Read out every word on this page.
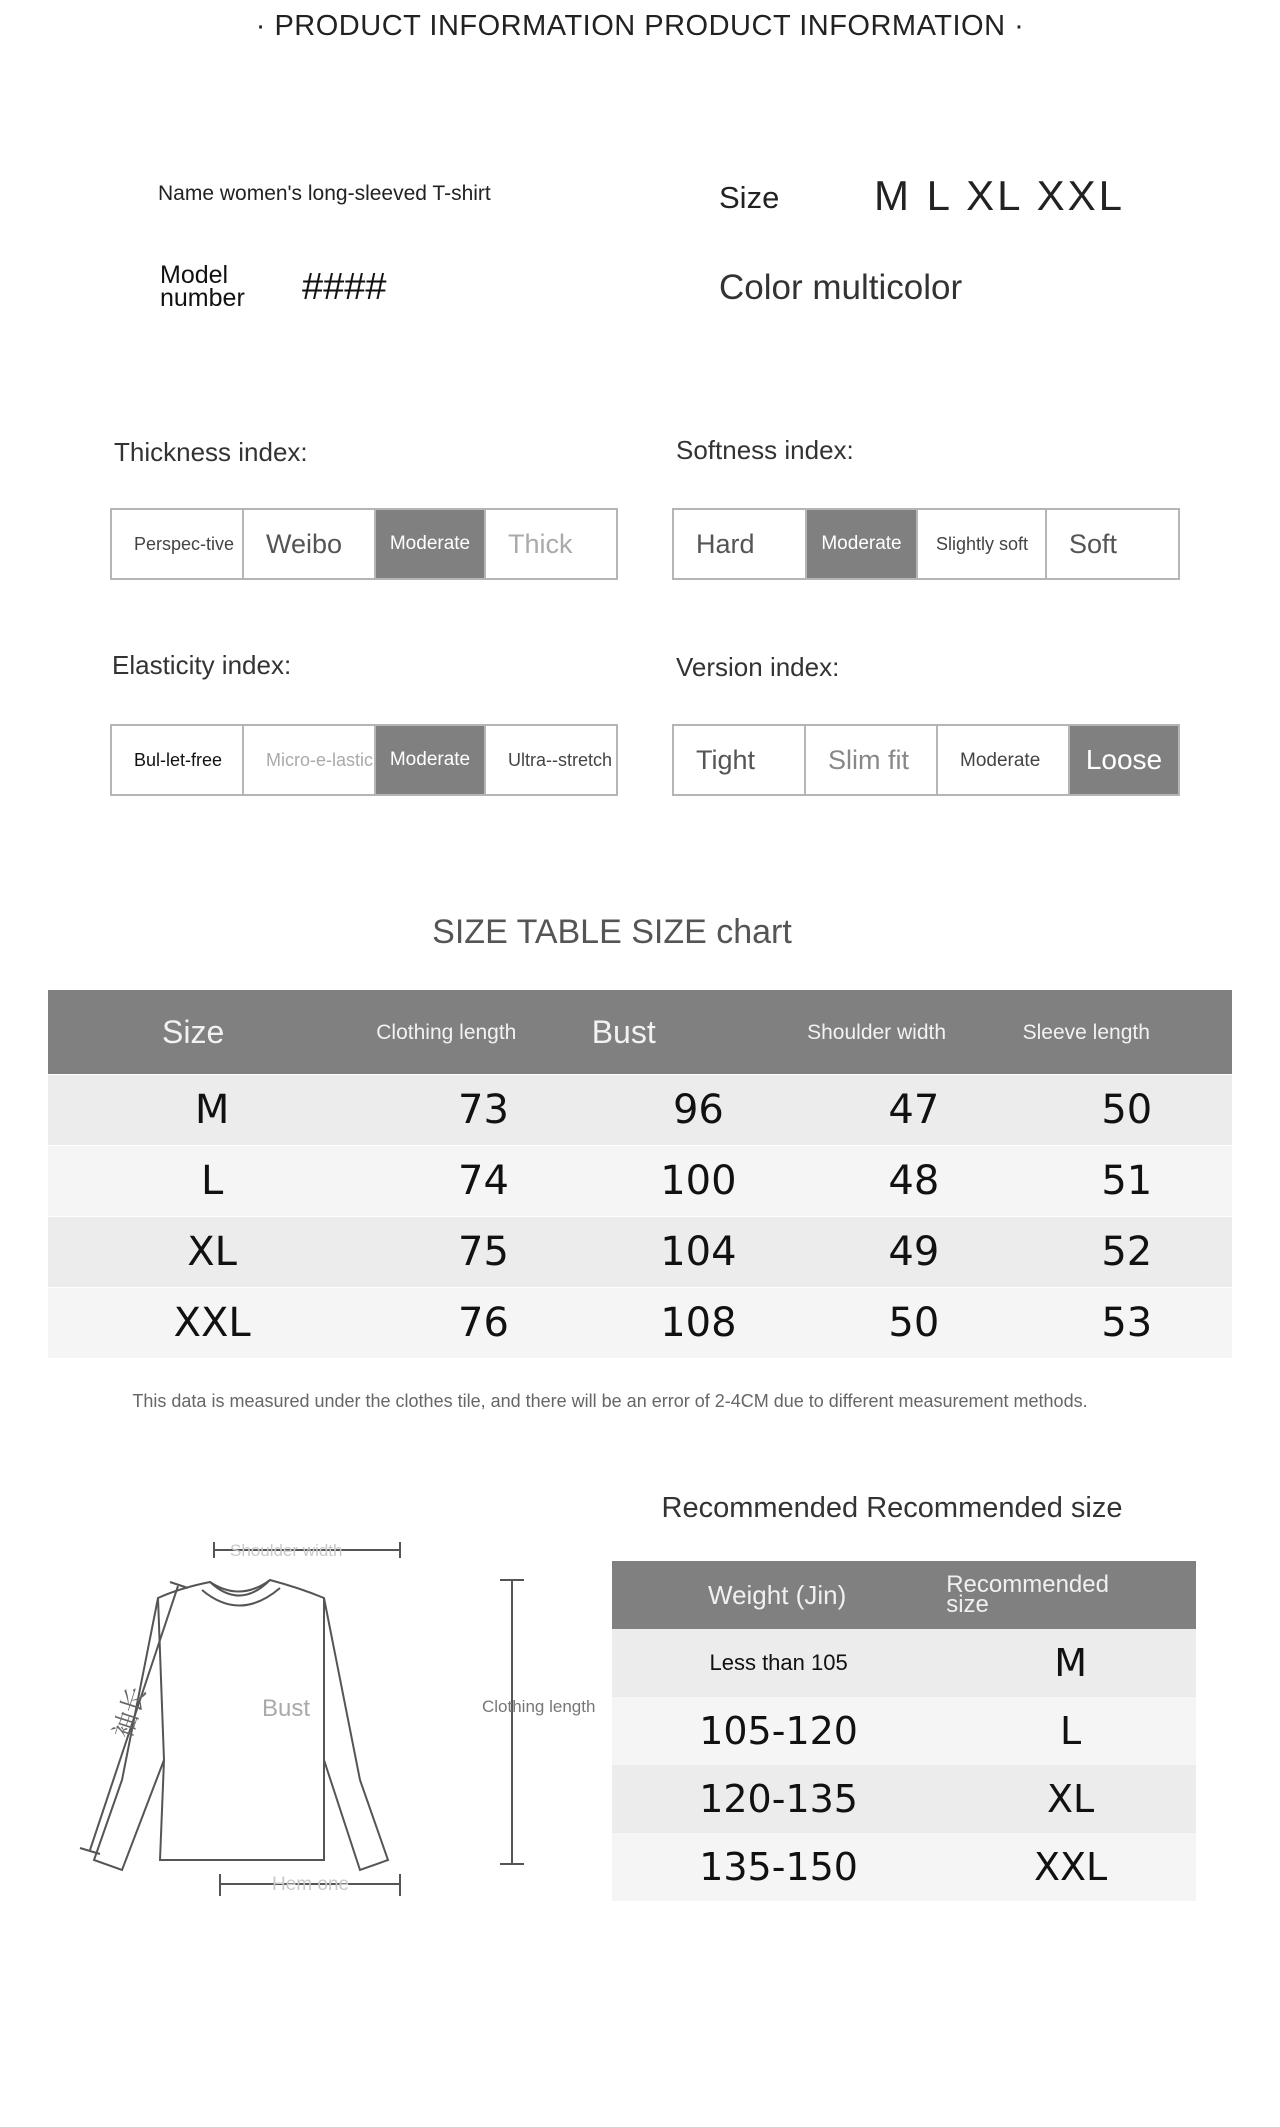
· PRODUCT INFORMATION PRODUCT INFORMATION ·
Name women's long-sleeved T-shirt
Model number	####
Size M L XL XXL
Color multicolor
Thickness index:
Perspec-tive	Weibo	Moderate	Thick
Softness index:
Hard	Moderate	Slightly soft	Soft
Elasticity index:
Bul-let-free	Micro-e-lastic Moderate	Ultra--stretch
Version index:
Tight	Slim fit	Moderate	Loose
SIZE TABLE SIZE chart
Size	Clothing length	Bust	Shoulder width	Sleeve length
M	73	96	47	50
L	74	100	48	51
XL	75	104	49	52
XXL	76	108	50	53
This data is measured under the clothes tile, and there will be an error of 2-4CM due to different measurement methods.
Shoulder width
Bust	Clothing length
Hem one
袖长
Recommended Recommended size
Weight (Jin)	Recommended size
Less than 105	M
105-120	L
120-135	XL
135-150	XXL
